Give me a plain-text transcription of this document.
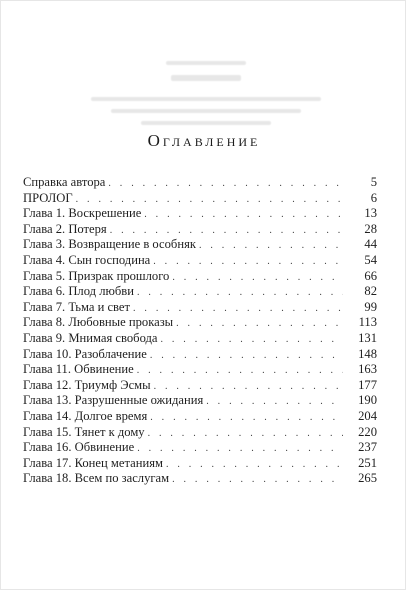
Оглавление
Справка автора . . .	5
ПРОЛОГ . . .	6
Глава 1. Воскрешение . . .	13
Глава 2. Потеря . . .	28
Глава 3. Возвращение в особняк . . .	44
Глава 4. Сын господина . . .	54
Глава 5. Призрак прошлого . . .	66
Глава 6. Плод любви . . .	82
Глава 7. Тьма и свет . . .	99
Глава 8. Любовные проказы . . .	113
Глава 9. Мнимая свобода . . .	131
Глава 10. Разоблачение . . .	148
Глава 11. Обвинение . . .	163
Глава 12. Триумф Эсмы . . .	177
Глава 13. Разрушенные ожидания . . .	190
Глава 14. Долгое время . . .	204
Глава 15. Тянет к дому . . .	220
Глава 16. Обвинение . . .	237
Глава 17. Конец метаниям . . .	251
Глава 18. Всем по заслугам . . .	265
